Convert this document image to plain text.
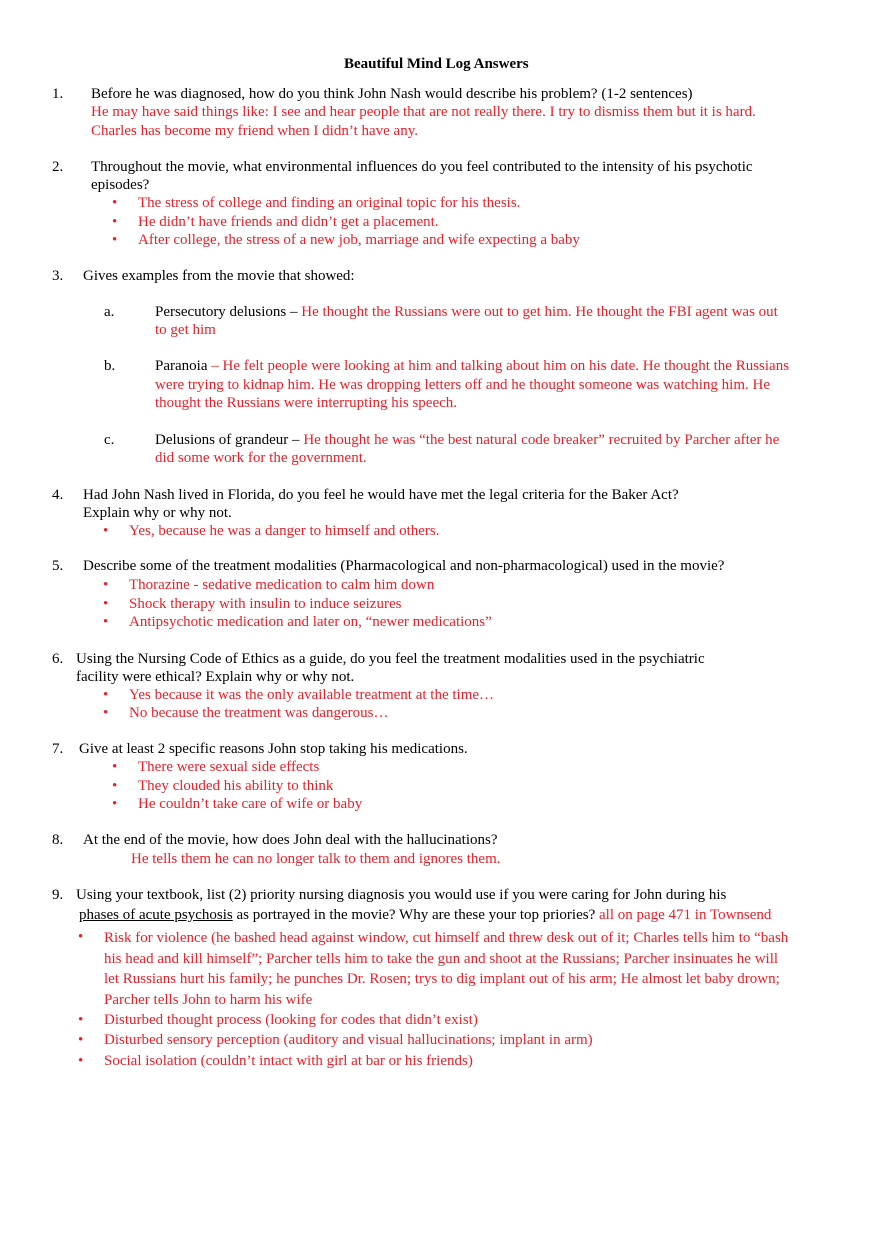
Beautiful Mind Log Answers
1. Before he was diagnosed, how do you think John Nash would describe his problem? (1-2 sentences)
He may have said things like: I see and hear people that are not really there. I try to dismiss them but it is hard.
Charles has become my friend when I didn’t have any.
2. Throughout the movie, what environmental influences do you feel contributed to the intensity of his psychotic
episodes?
• The stress of college and finding an original topic for his thesis.
• He didn’t have friends and didn’t get a placement.
• After college, the stress of a new job, marriage and wife expecting a baby
3. Gives examples from the movie that showed:
a.	Persecutory delusions – He thought the Russians were out to get him. He thought the FBI agent was out
to get him
b.	Paranoia – He felt people were looking at him and talking about him on his date. He thought the Russians
were trying to kidnap him. He was dropping letters off and he thought someone was watching him. He
thought the Russians were interrupting his speech.
c.	Delusions of grandeur – He thought he was “the best natural code breaker” recruited by Parcher after he
did some work for the government.
4. Had John Nash lived in Florida, do you feel he would have met the legal criteria for the Baker Act?
Explain why or why not.
• Yes, because he was a danger to himself and others.
5. Describe some of the treatment modalities (Pharmacological and non-pharmacological) used in the movie?
• Thorazine - sedative medication to calm him down
• Shock therapy with insulin to induce seizures
• Antipsychotic medication and later on, “newer medications”
6. Using the Nursing Code of Ethics as a guide, do you feel the treatment modalities used in the psychiatric
facility were ethical? Explain why or why not.
• Yes because it was the only available treatment at the time…
• No because the treatment was dangerous…
7. Give at least 2 specific reasons John stop taking his medications.
• There were sexual side effects
• They clouded his ability to think
• He couldn’t take care of wife or baby
8. At the end of the movie, how does John deal with the hallucinations?
He tells them he can no longer talk to them and ignores them.
9. Using your textbook, list (2) priority nursing diagnosis you would use if you were caring for John during his
phases of acute psychosis as portrayed in the movie? Why are these your top priories? all on page 471 in Townsend
• Risk for violence (he bashed head against window, cut himself and threw desk out of it; Charles tells him to “bash
his head and kill himself”; Parcher tells him to take the gun and shoot at the Russians; Parcher insinuates he will
let Russians hurt his family; he punches Dr. Rosen; trys to dig implant out of his arm; He almost let baby drown;
Parcher tells John to harm his wife
• Disturbed thought process (looking for codes that didn’t exist)
• Disturbed sensory perception (auditory and visual hallucinations; implant in arm)
• Social isolation (couldn’t intact with girl at bar or his friends)
